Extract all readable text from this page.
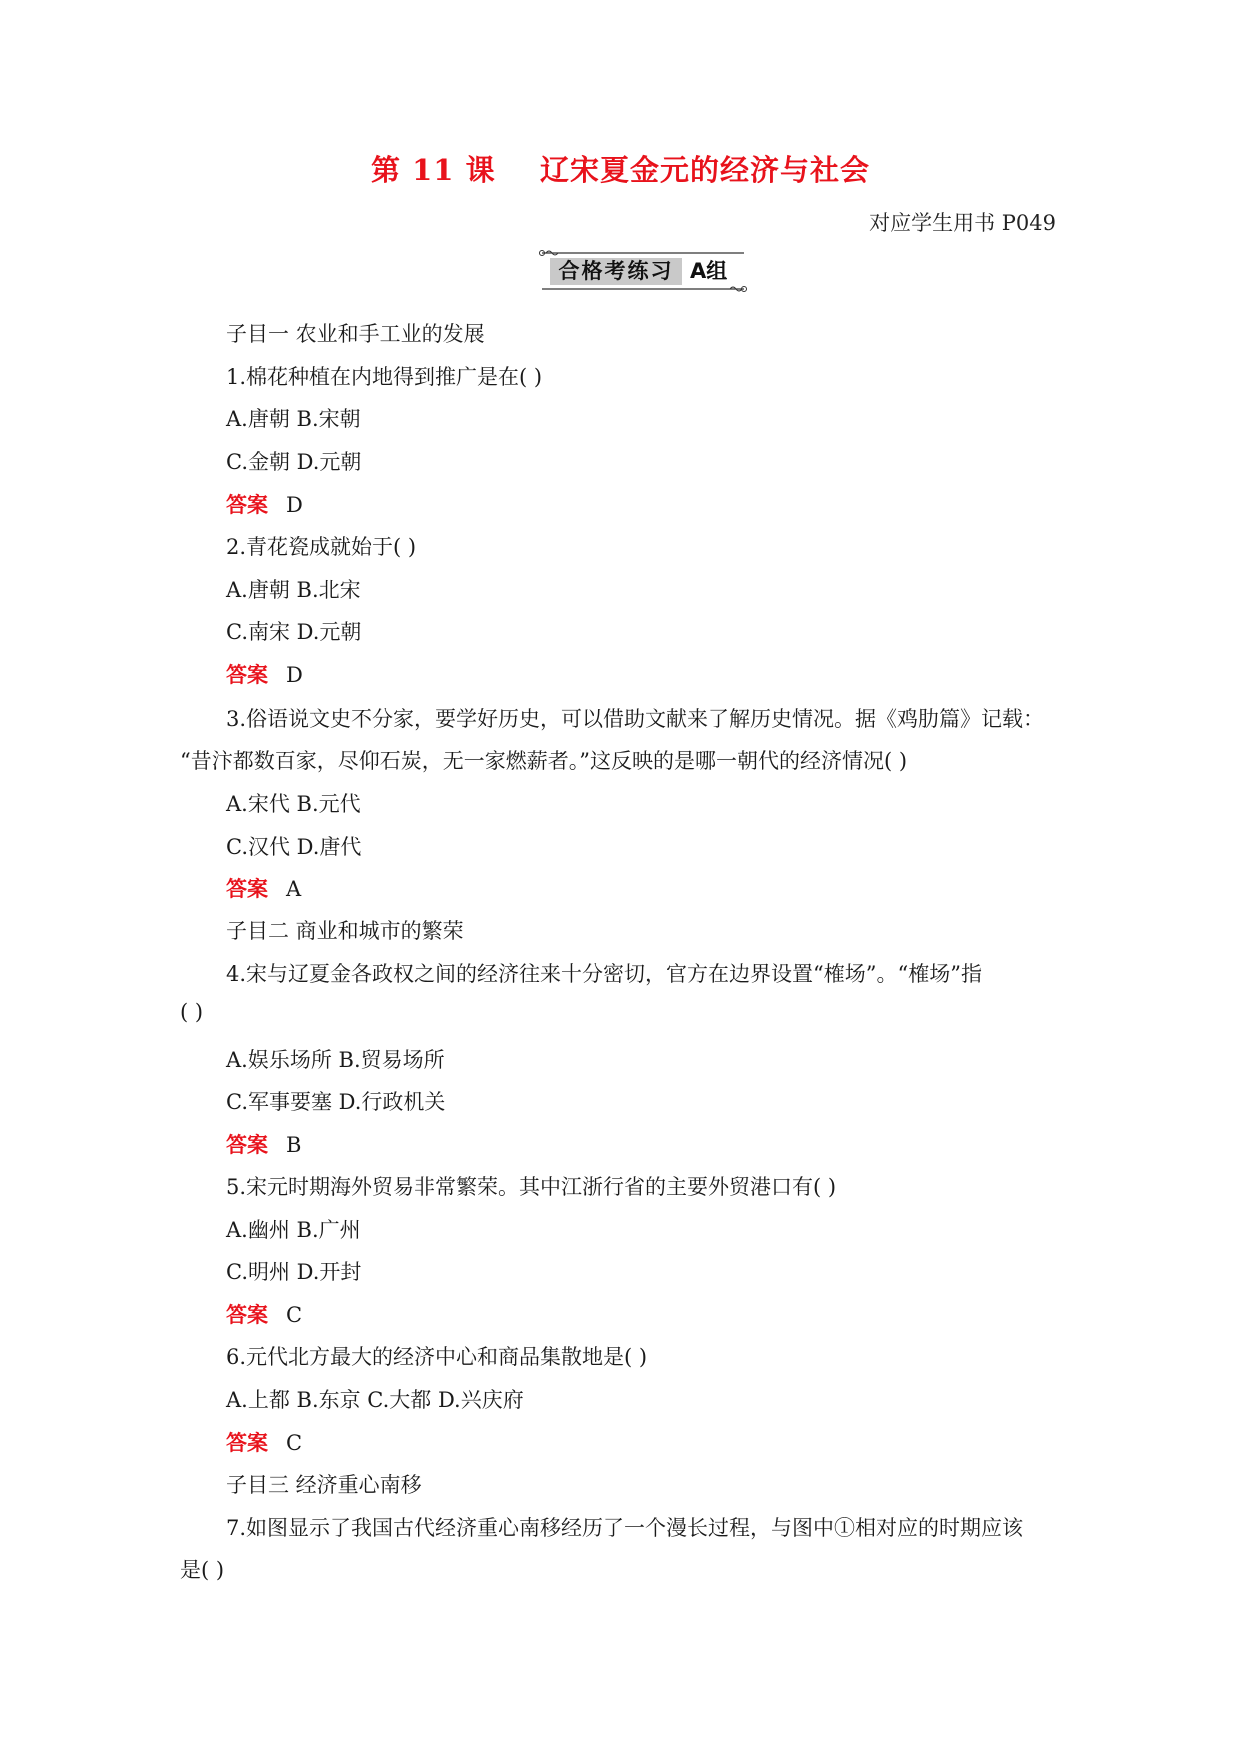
第 11 课    辽宋夏金元的经济与社会
对应学生用书 P049
合格考练习 A组
子目一 农业和手工业的发展
1.棉花种植在内地得到推广是在( )
A.唐朝 B.宋朝
C.金朝 D.元朝
答案 D
2.青花瓷成就始于( )
A.唐朝 B.北宋
C.南宋 D.元朝
答案 D
3.俗语说文史不分家，要学好历史，可以借助文献来了解历史情况。据《鸡肋篇》记载：
“昔汴都数百家，尽仰石炭，无一家燃薪者。”这反映的是哪一朝代的经济情况( )
A.宋代 B.元代
C.汉代 D.唐代
答案 A
子目二 商业和城市的繁荣
4.宋与辽夏金各政权之间的经济往来十分密切，官方在边界设置“榷场”。“榷场”指
( )
A.娱乐场所 B.贸易场所
C.军事要塞 D.行政机关
答案 B
5.宋元时期海外贸易非常繁荣。其中江浙行省的主要外贸港口有( )
A.幽州 B.广州
C.明州 D.开封
答案 C
6.元代北方最大的经济中心和商品集散地是( )
A.上都 B.东京 C.大都 D.兴庆府
答案 C
子目三 经济重心南移
7.如图显示了我国古代经济重心南移经历了一个漫长过程，与图中①相对应的时期应该
是( )
